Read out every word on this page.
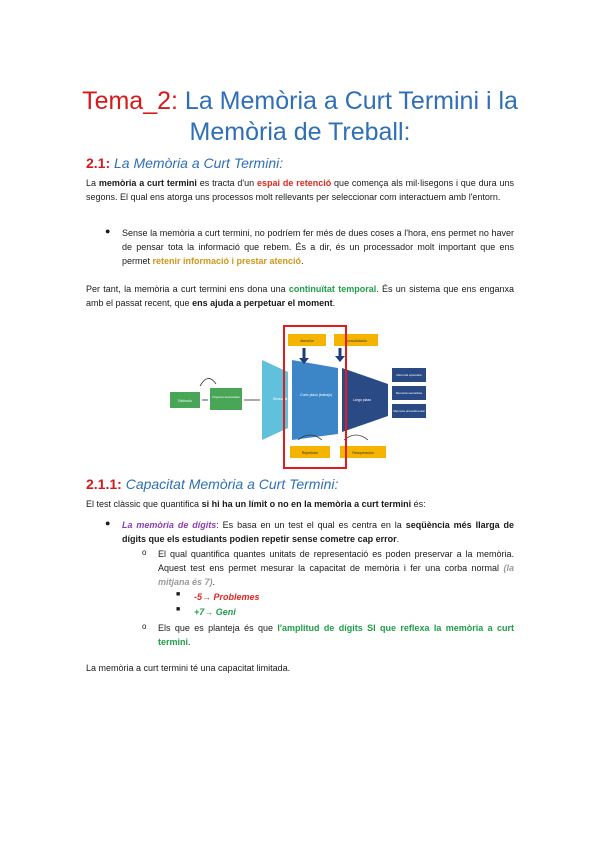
Tema_2: La Memòria a Curt Termini i la
Memòria de Treball:
2.1: La Memòria a Curt Termini:
La memòria a curt termini es tracta d'un espai de retenció que comença als mil·lisegons i que dura uns segons. El qual ens atorga uns processos molt rellevants per seleccionar com interactuem amb l'entorn.
● Sense la memòria a curt termini, no podríem fer més de dues coses a l'hora, ens permet no haver de pensar tota la informació que rebem. És a dir, és un processador molt important que ens permet retenir informació i prestar atenció.
Per tant, la memòria a curt termini ens dona una continuïtat temporal. És un sistema que ens enganxa amb el passat recent, que ens ajuda a perpetuar el moment.
Estímulo
Órganos sensoriales	Sensorial
Corto plazo (trabajo)
Largo plazo
Memoria episódica
Memoria semántica
Memoria procedimental
Atención	Consolidación
Repetición	Recuperación
2.1.1: Capacitat Memòria a Curt Termini:
El test clàssic que quantifica si hi ha un límit o no en la memòria a curt termini és:
● La memòria de dígits: Es basa en un test el qual es centra en la seqüència més llarga de dígits que els estudiants podien repetir sense cometre cap error.
o El qual quantifica quantes unitats de representació es poden preservar a la memòria. Aquest test ens permet mesurar la capacitat de memòria i fer una corba normal (la mitjana és 7).
■ -5→ Problemes
■ +7→ Geni
o Els que es planteja és que l'amplitud de dígits SI que reflexa la memòria a curt termini.
La memòria a curt termini té una capacitat limitada.
